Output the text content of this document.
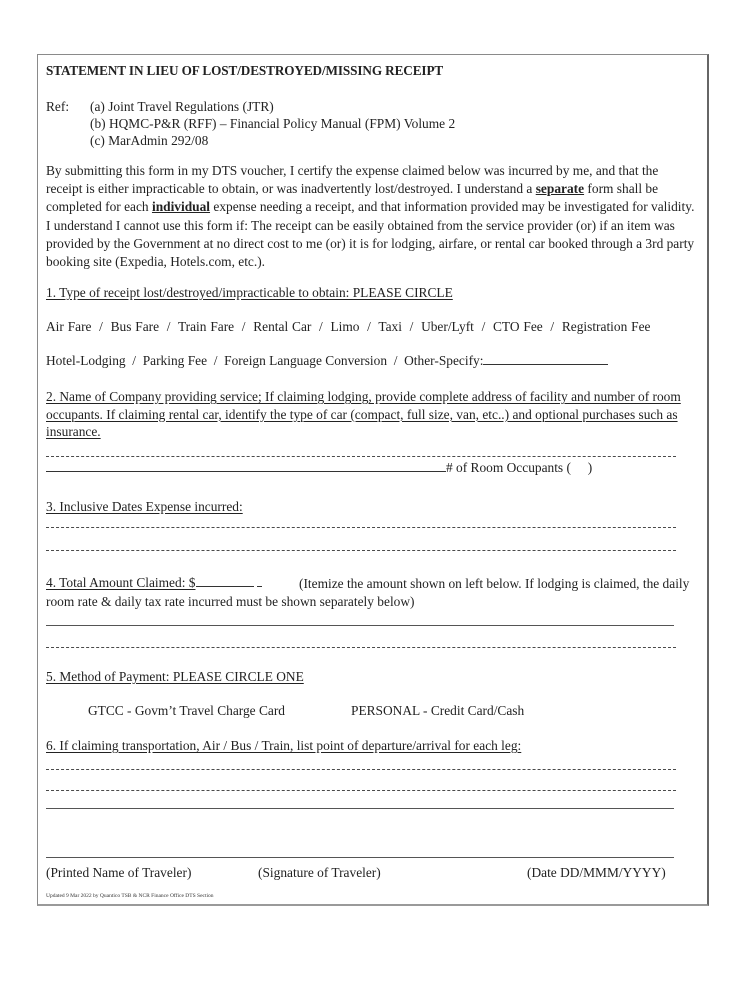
STATEMENT IN LIEU OF LOST/DESTROYED/MISSING RECEIPT
Ref: (a) Joint Travel Regulations (JTR)
(b) HQMC-P&R (RFF) – Financial Policy Manual (FPM) Volume 2
(c) MarAdmin 292/08
By submitting this form in my DTS voucher, I certify the expense claimed below was incurred by me, and that the receipt is either impracticable to obtain, or was inadvertently lost/destroyed. I understand a separate form shall be completed for each individual expense needing a receipt, and that information provided may be investigated for validity. I understand I cannot use this form if: The receipt can be easily obtained from the service provider (or) if an item was provided by the Government at no direct cost to me (or) it is for lodging, airfare, or rental car booked through a 3rd party booking site (Expedia, Hotels.com, etc.).
1. Type of receipt lost/destroyed/impracticable to obtain: PLEASE CIRCLE
Air Fare  /  Bus Fare  /  Train Fare  /  Rental Car  /  Limo  /  Taxi  /  Uber/Lyft  /  CTO Fee  /  Registration Fee
Hotel-Lodging  /  Parking Fee  /  Foreign Language Conversion  /  Other-Specify:
2. Name of Company providing service; If claiming lodging, provide complete address of facility and number of room occupants. If claiming rental car, identify the type of car (compact, full size, van, etc..) and optional purchases such as insurance.
# of Room Occupants (     )
3. Inclusive Dates Expense incurred:
4. Total Amount Claimed: $	(Itemize the amount shown on left below. If lodging is claimed, the daily room rate & daily tax rate incurred must be shown separately below)
5. Method of Payment: PLEASE CIRCLE ONE
GTCC - Govm’t Travel Charge Card	PERSONAL - Credit Card/Cash
6. If claiming transportation, Air / Bus / Train, list point of departure/arrival for each leg:
(Printed Name of Traveler)	(Signature of Traveler)	(Date DD/MMM/YYYY)
Updated 9 Mar 2022 by Quantico TSB & NCR Finance Office DTS Section
